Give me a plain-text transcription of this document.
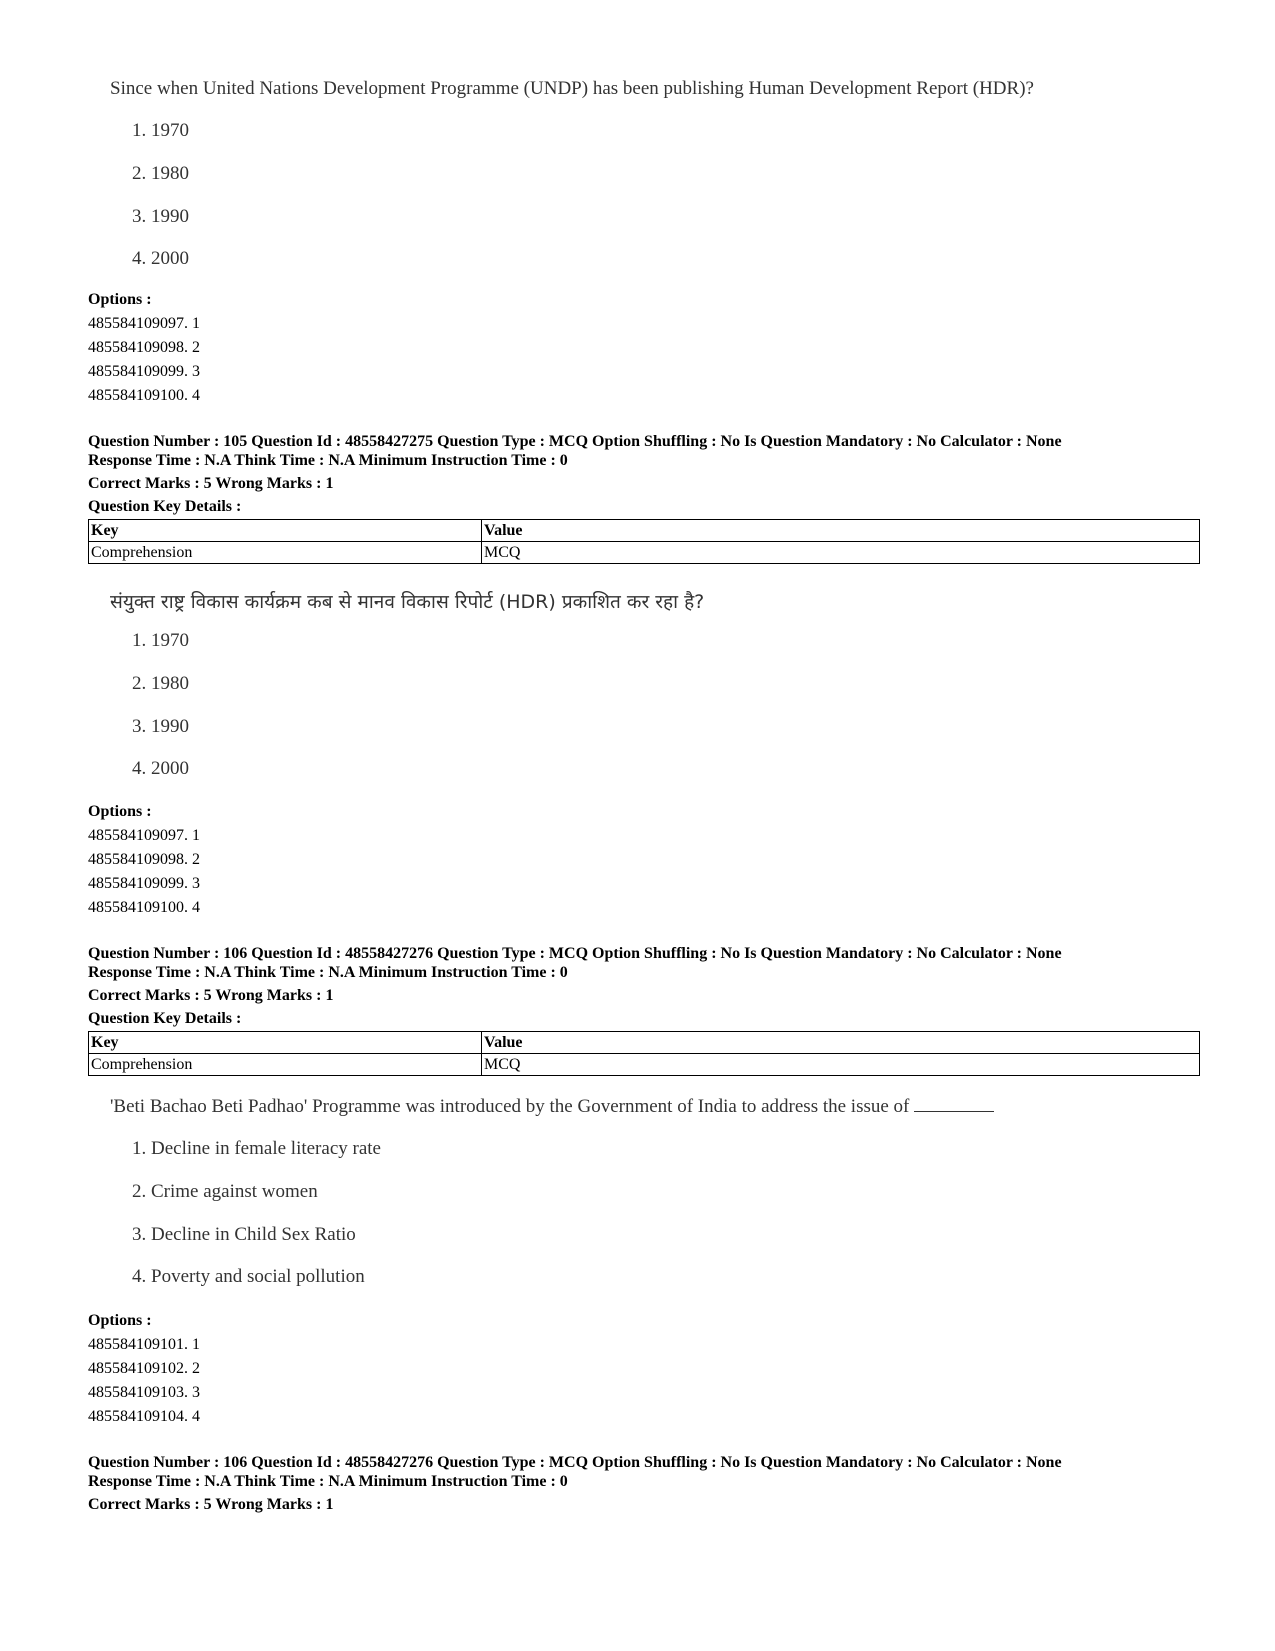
Since when United Nations Development Programme (UNDP) has been publishing Human Development Report (HDR)?
1. 1970
2. 1980
3. 1990
4. 2000
Options :
485584109097. 1
485584109098. 2
485584109099. 3
485584109100. 4
Question Number : 105 Question Id : 48558427275 Question Type : MCQ Option Shuffling : No Is Question Mandatory : No Calculator : None
Response Time : N.A Think Time : N.A Minimum Instruction Time : 0
Correct Marks : 5 Wrong Marks : 1
Question Key Details :
Key	Value
Comprehension	MCQ
संयुक्त राष्ट्र विकास कार्यक्रम कब से मानव विकास रिपोर्ट (HDR) प्रकाशित कर रहा है?
1. 1970
2. 1980
3. 1990
4. 2000
Options :
485584109097. 1
485584109098. 2
485584109099. 3
485584109100. 4
Question Number : 106 Question Id : 48558427276 Question Type : MCQ Option Shuffling : No Is Question Mandatory : No Calculator : None
Response Time : N.A Think Time : N.A Minimum Instruction Time : 0
Correct Marks : 5 Wrong Marks : 1
Question Key Details :
Key	Value
Comprehension	MCQ
'Beti Bachao Beti Padhao' Programme was introduced by the Government of India to address the issue of
1. Decline in female literacy rate
2. Crime against women
3. Decline in Child Sex Ratio
4. Poverty and social pollution
Options :
485584109101. 1
485584109102. 2
485584109103. 3
485584109104. 4
Question Number : 106 Question Id : 48558427276 Question Type : MCQ Option Shuffling : No Is Question Mandatory : No Calculator : None
Response Time : N.A Think Time : N.A Minimum Instruction Time : 0
Correct Marks : 5 Wrong Marks : 1
